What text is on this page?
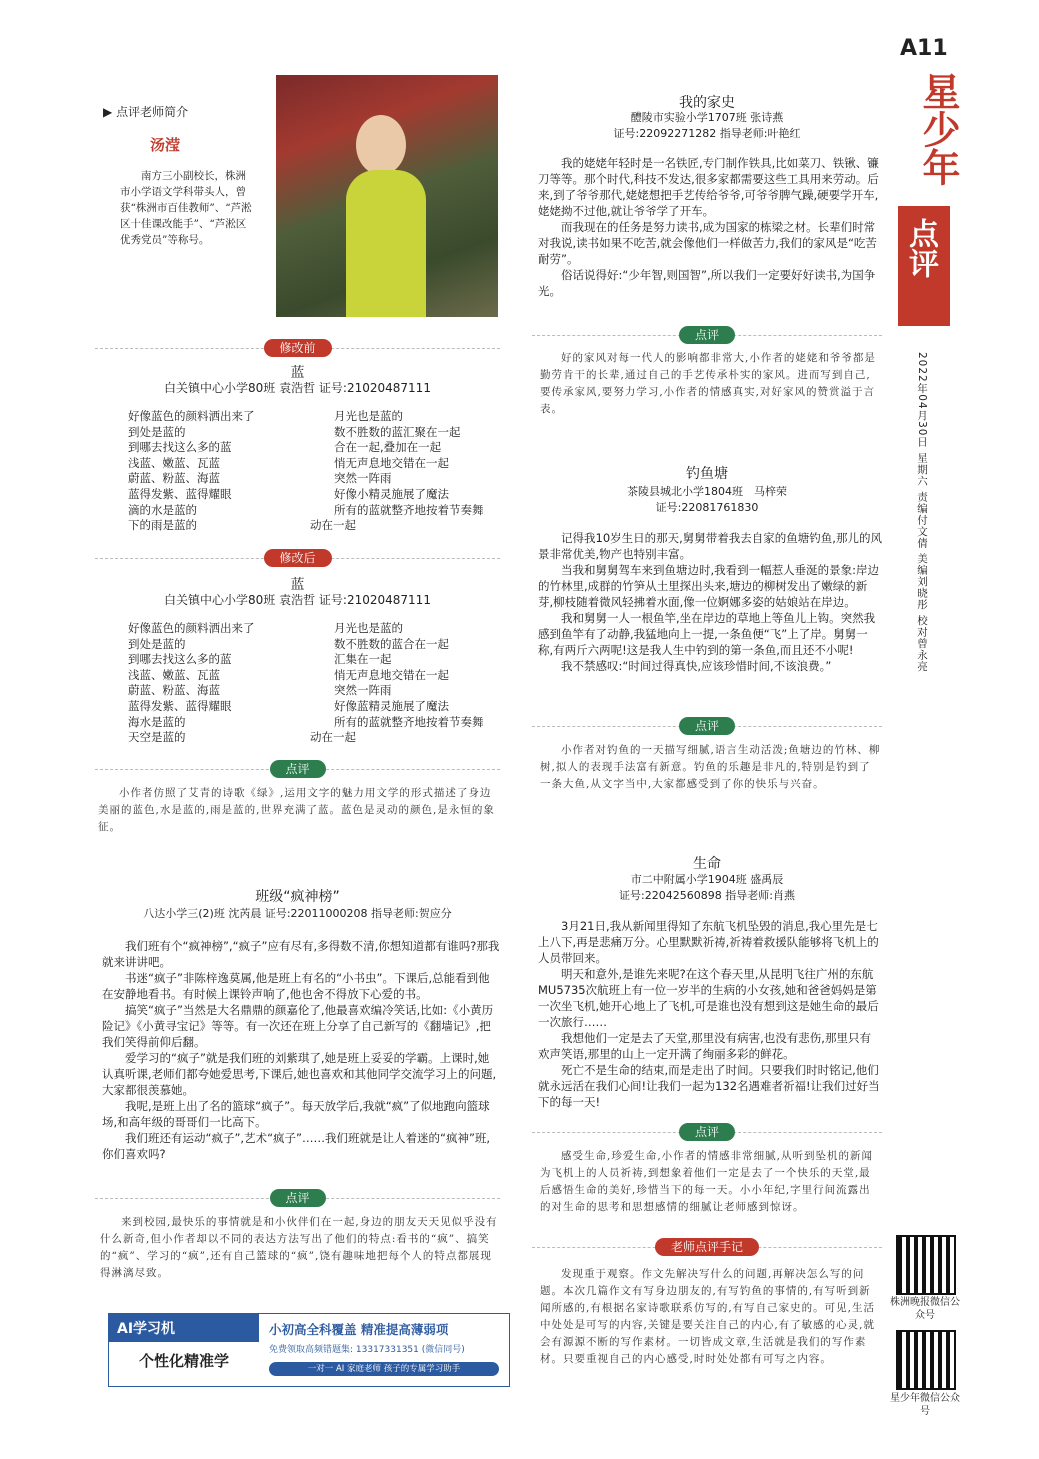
A11
星少年
点评
2022年04月30日 星期六 责编付文倩 美编刘晓彤 校对曾永亮
株洲晚报微信公众号
星少年微信公众号
▶ 点评老师简介
汤滢
南方三小副校长，株洲市小学语文学科带头人，曾获“株洲市百佳教师”、“芦淞区十佳课改能手”、“芦淞区优秀党员”等称号。
修改前
蓝
白关镇中心小学80班 袁浩哲 证号:21020487111
好像蓝色的颜料洒出来了
到处是蓝的
到哪去找这么多的蓝
浅蓝、嫩蓝、瓦蓝
蔚蓝、粉蓝、海蓝
蓝得发紫、蓝得耀眼
滴的水是蓝的
下的雨是蓝的
月光也是蓝的
数不胜数的蓝汇聚在一起
合在一起,叠加在一起
悄无声息地交错在一起
突然一阵雨
好像小精灵施展了魔法
所有的蓝就整齐地按着节奏舞
动在一起
修改后
蓝
白关镇中心小学80班 袁浩哲 证号:21020487111
好像蓝色的颜料洒出来了
到处是蓝的
到哪去找这么多的蓝
浅蓝、嫩蓝、瓦蓝
蔚蓝、粉蓝、海蓝
蓝得发紫、蓝得耀眼
海水是蓝的
天空是蓝的
月光也是蓝的
数不胜数的蓝合在一起
汇集在一起
悄无声息地交错在一起
突然一阵雨
好像蓝精灵施展了魔法
所有的蓝就整齐地按着节奏舞
动在一起
点评

小作者仿照了艾青的诗歌《绿》,运用文字的魅力用文学的形式描述了身边美丽的蓝色,水是蓝的,雨是蓝的,世界充满了蓝。蓝色是灵动的颜色,是永恒的象征。

班级“疯神榜”
八达小学三(2)班 沈芮晨 证号:22011000208 指导老师:贺应分

我们班有个“疯神榜”,“疯子”应有尽有,多得数不清,你想知道都有谁吗?那我就来讲讲吧。

书迷“疯子”非陈梓逸莫属,他是班上有名的“小书虫”。下课后,总能看到他在安静地看书。有时候上课铃声响了,他也舍不得放下心爱的书。

搞笑“疯子”当然是大名鼎鼎的颜嘉伦了,他最喜欢编冷笑话,比如:《小黄历险记》《小黄寻宝记》等等。有一次还在班上分享了自己新写的《翻墙记》,把我们笑得前仰后翻。

爱学习的“疯子”就是我们班的刘紫琪了,她是班上妥妥的学霸。上课时,她认真听课,老师们都夸她爱思考,下课后,她也喜欢和其他同学交流学习上的问题,大家都很羡慕她。

我呢,是班上出了名的篮球“疯子”。每天放学后,我就“疯”了似地跑向篮球场,和高年级的哥哥们一比高下。

我们班还有运动“疯子”,艺术“疯子”……我们班就是让人着迷的“疯神”班,你们喜欢吗?

点评

来到校园,最快乐的事情就是和小伙伴们在一起,身边的朋友天天见似乎没有什么新奇,但小作者却以不同的表达方法写出了他们的特点:看书的“疯”、搞笑的“疯”、学习的“疯”,还有自己篮球的“疯”,饶有趣味地把每个人的特点都展现得淋漓尽致。

AI学习机
个性化精准学
小初高全科覆盖 精准提高薄弱项
免费领取高频错题集: 13317331351 (微信同号)
一对一 AI 家庭老师 孩子的专属学习助手
我的家史
醴陵市实验小学1707班 张诗燕
证号:22092271282 指导老师:叶艳红

我的姥姥年轻时是一名铁匠,专门制作铁具,比如菜刀、铁锹、镰刀等等。那个时代,科技不发达,很多家都需要这些工具用来劳动。后来,到了爷爷那代,姥姥想把手艺传给爷爷,可爷爷脾气躁,硬要学开车,姥姥拗不过他,就让爷爷学了开车。

而我现在的任务是努力读书,成为国家的栋梁之材。长辈们时常对我说,读书如果不吃苦,就会像他们一样做苦力,我们的家风是“吃苦耐劳”。

俗话说得好:“少年智,则国智”,所以我们一定要好好读书,为国争光。

点评

好的家风对每一代人的影响都非常大,小作者的姥姥和爷爷都是勤劳肯干的长辈,通过自己的手艺传承朴实的家风。进而写到自己,要传承家风,要努力学习,小作者的情感真实,对好家风的赞赏溢于言表。

钓鱼塘
茶陵县城北小学1804班　马梓荣
证号:22081761830

记得我10岁生日的那天,舅舅带着我去自家的鱼塘钓鱼,那儿的风景非常优美,物产也特别丰富。

当我和舅舅驾车来到鱼塘边时,我看到一幅惹人垂涎的景象:岸边的竹林里,成群的竹笋从土里探出头来,塘边的柳树发出了嫩绿的新芽,柳枝随着微风轻拂着水面,像一位婀娜多姿的姑娘站在岸边。

我和舅舅一人一根鱼竿,坐在岸边的草地上等鱼儿上钩。突然我感到鱼竿有了动静,我猛地向上一提,一条鱼便“飞”上了岸。舅舅一称,有两斤六两呢!这是我人生中钓到的第一条鱼,而且还不小呢!

我不禁感叹:“时间过得真快,应该珍惜时间,不该浪费。”

点评

小作者对钓鱼的一天描写细腻,语言生动活泼;鱼塘边的竹林、柳树,拟人的表现手法富有新意。钓鱼的乐趣是非凡的,特别是钓到了一条大鱼,从文字当中,大家都感受到了你的快乐与兴奋。

生命
市二中附属小学1904班 盛禹辰
证号:22042560898 指导老师:肖燕

3月21日,我从新闻里得知了东航飞机坠毁的消息,我心里先是七上八下,再是悲痛万分。心里默默祈祷,祈祷着救援队能够将飞机上的人员带回来。

明天和意外,是谁先来呢?在这个春天里,从昆明飞往广州的东航MU5735次航班上有一位一岁半的生病的小女孩,她和爸爸妈妈是第一次坐飞机,她开心地上了飞机,可是谁也没有想到这是她生命的最后一次旅行……

我想他们一定是去了天堂,那里没有病害,也没有悲伤,那里只有欢声笑语,那里的山上一定开满了绚丽多彩的鲜花。

死亡不是生命的结束,而是走出了时间。只要我们时时铭记,他们就永远活在我们心间!让我们一起为132名遇难者祈福!让我们过好当下的每一天!

点评

感受生命,珍爱生命,小作者的情感非常细腻,从听到坠机的新闻为飞机上的人员祈祷,到想象着他们一定是去了一个快乐的天堂,最后感悟生命的美好,珍惜当下的每一天。小小年纪,字里行间流露出的对生命的思考和思想感情的细腻让老师感到惊讶。

老师点评手记

发现重于观察。作文先解决写什么的问题,再解决怎么写的问题。本次几篇作文有写身边朋友的,有写钓鱼的事情的,有写听到新闻所感的,有根据名家诗歌联系仿写的,有写自己家史的。可见,生活中处处是可写的内容,关键是要关注自己的内心,有了敏感的心灵,就会有源源不断的写作素材。一切皆成文章,生活就是我们的写作素材。只要重视自己的内心感受,时时处处都有可写之内容。
